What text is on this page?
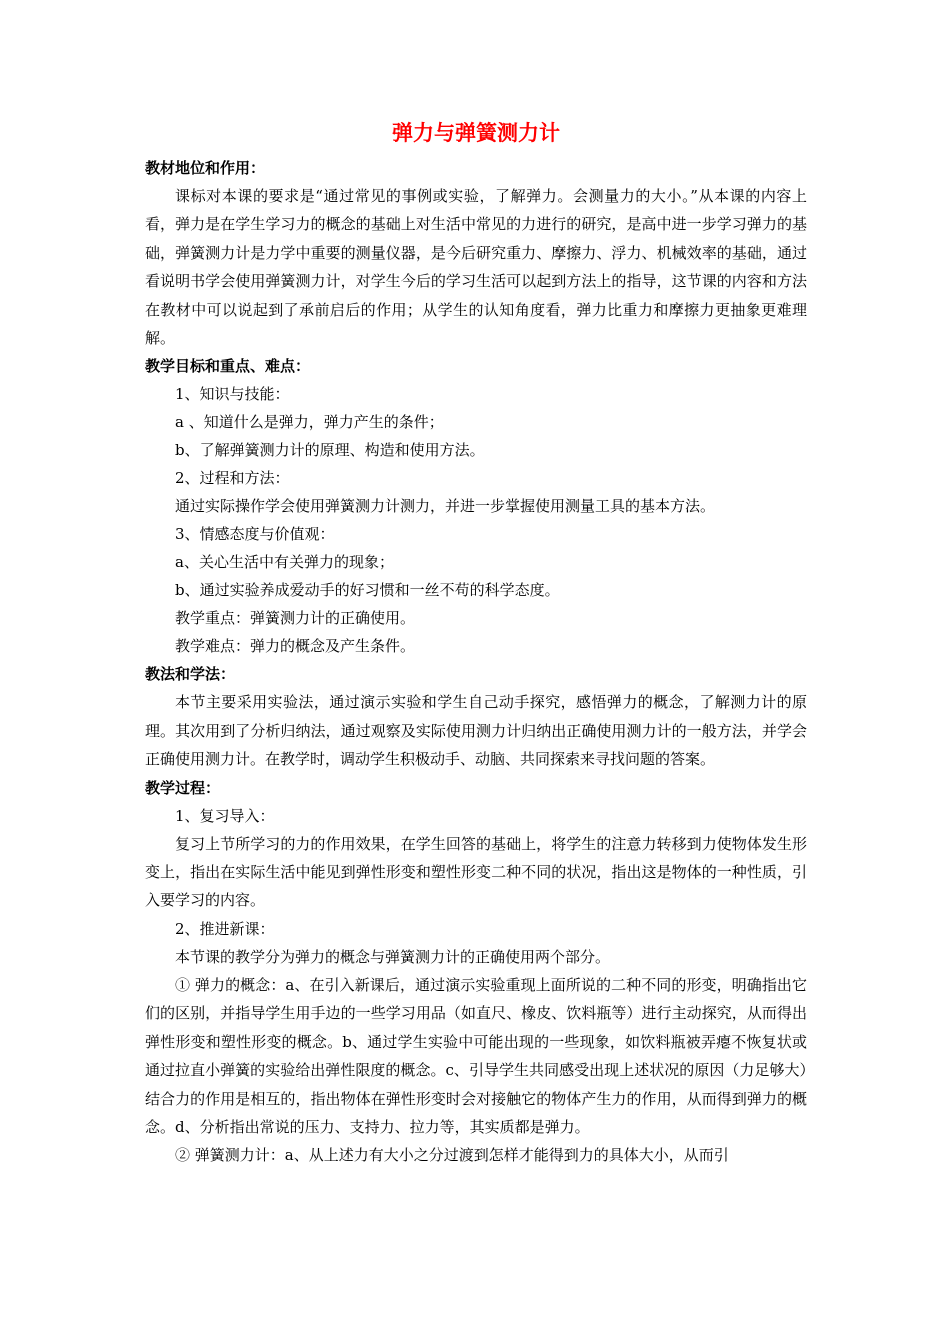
弹力与弹簧测力计

教材地位和作用：

课标对本课的要求是“通过常见的事例或实验，了解弹力。会测量力的大小。”从本课的内容上看，弹力是在学生学习力的概念的基础上对生活中常见的力进行的研究，是高中进一步学习弹力的基础，弹簧测力计是力学中重要的测量仪器，是今后研究重力、摩擦力、浮力、机械效率的基础，通过看说明书学会使用弹簧测力计，对学生今后的学习生活可以起到方法上的指导，这节课的内容和方法在教材中可以说起到了承前启后的作用；从学生的认知角度看，弹力比重力和摩擦力更抽象更难理解。

教学目标和重点、难点：

1、知识与技能：

a 、知道什么是弹力，弹力产生的条件；

b、了解弹簧测力计的原理、构造和使用方法。

2、过程和方法：

通过实际操作学会使用弹簧测力计测力，并进一步掌握使用测量工具的基本方法。

3、情感态度与价值观：

a、关心生活中有关弹力的现象；

b、通过实验养成爱动手的好习惯和一丝不苟的科学态度。

教学重点：弹簧测力计的正确使用。

教学难点：弹力的概念及产生条件。

教法和学法：

本节主要采用实验法，通过演示实验和学生自己动手探究，感悟弹力的概念，了解测力计的原理。其次用到了分析归纳法，通过观察及实际使用测力计归纳出正确使用测力计的一般方法，并学会正确使用测力计。在教学时，调动学生积极动手、动脑、共同探索来寻找问题的答案。

教学过程：

1、复习导入：

复习上节所学习的力的作用效果，在学生回答的基础上，将学生的注意力转移到力使物体发生形变上，指出在实际生活中能见到弹性形变和塑性形变二种不同的状况，指出这是物体的一种性质，引入要学习的内容。

2、推进新课：

本节课的教学分为弹力的概念与弹簧测力计的正确使用两个部分。

① 弹力的概念：a、在引入新课后，通过演示实验重现上面所说的二种不同的形变，明确指出它们的区别，并指导学生用手边的一些学习用品（如直尺、橡皮、饮料瓶等）进行主动探究，从而得出弹性形变和塑性形变的概念。b、通过学生实验中可能出现的一些现象，如饮料瓶被弄瘪不恢复状或通过拉直小弹簧的实验给出弹性限度的概念。c、引导学生共同感受出现上述状况的原因（力足够大）结合力的作用是相互的，指出物体在弹性形变时会对接触它的物体产生力的作用，从而得到弹力的概念。d、分析指出常说的压力、支持力、拉力等，其实质都是弹力。

② 弹簧测力计：a、从上述力有大小之分过渡到怎样才能得到力的具体大小，从而引
